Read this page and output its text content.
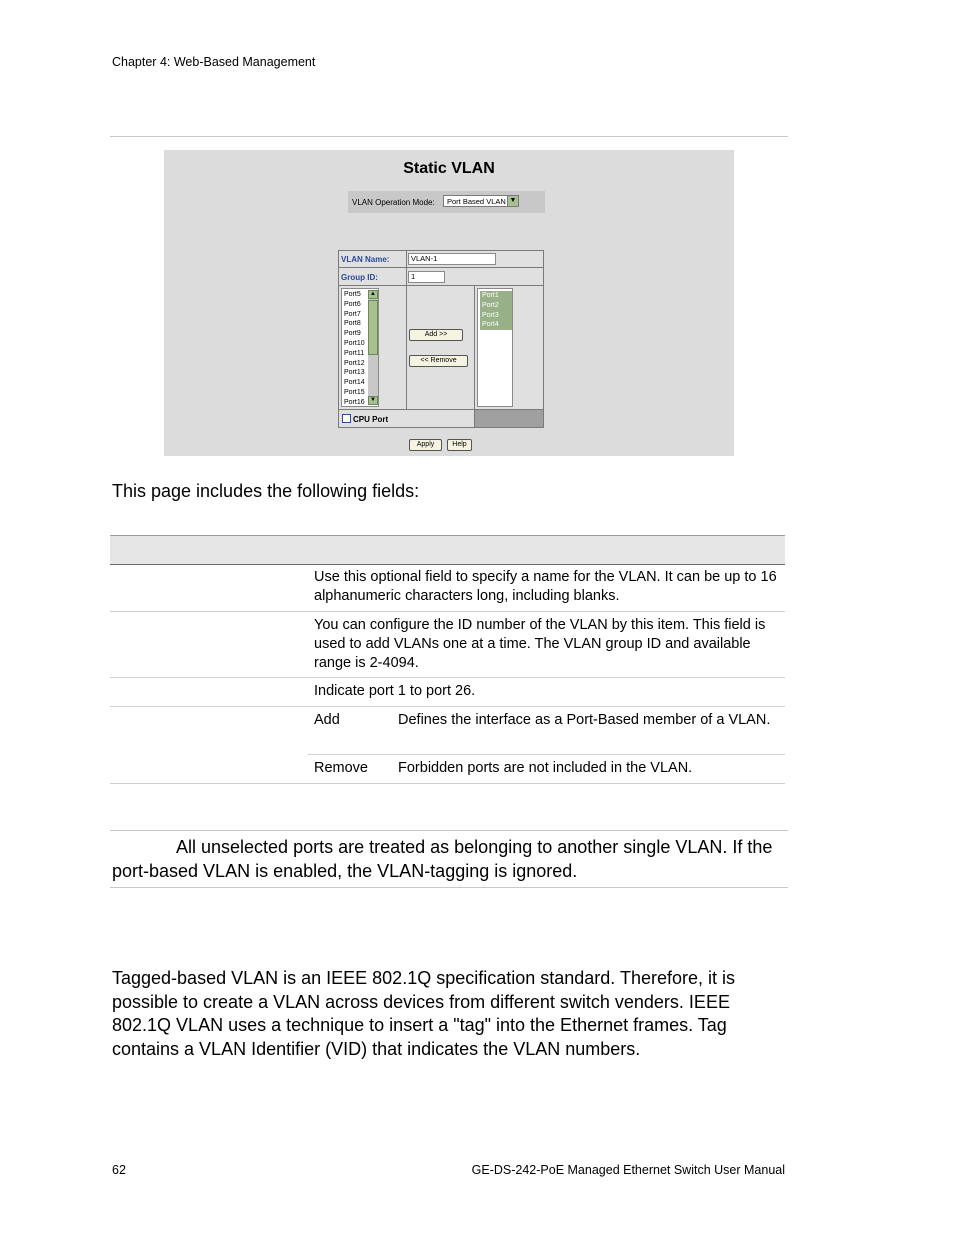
Chapter 4: Web-Based Management
Static VLAN
VLAN Operation Mode:	Port Based VLAN ▼
VLAN Name:	VLAN-1
Group ID:	1
Port5
Port6
Port7
Port8
Port9
Port10
Port11
Port12
Port13
Port14
Port15
Port16
▲
▼
Add >>
<< Remove
Port1
Port2
Port3
Port4
CPU Port
Apply	Help
This page includes the following fields:
Use this optional field to specify a name for the VLAN. It can be up to 16 alphanumeric characters long, including blanks.
You can configure the ID number of the VLAN by this item. This field is used to add VLANs one at a time. The VLAN group ID and available range is 2-4094.
Indicate port 1 to port 26.
Add	Defines the interface as a Port-Based member of a VLAN.
Remove Forbidden ports are not included in the VLAN.
All unselected ports are treated as belonging to another single VLAN. If the port-based VLAN is enabled, the VLAN-tagging is ignored.
Tagged-based VLAN is an IEEE 802.1Q specification standard. Therefore, it is possible to create a VLAN across devices from different switch venders. IEEE 802.1Q VLAN uses a technique to insert a "tag" into the Ethernet frames. Tag contains a VLAN Identifier (VID) that indicates the VLAN numbers.
62	GE-DS-242-PoE Managed Ethernet Switch User Manual
